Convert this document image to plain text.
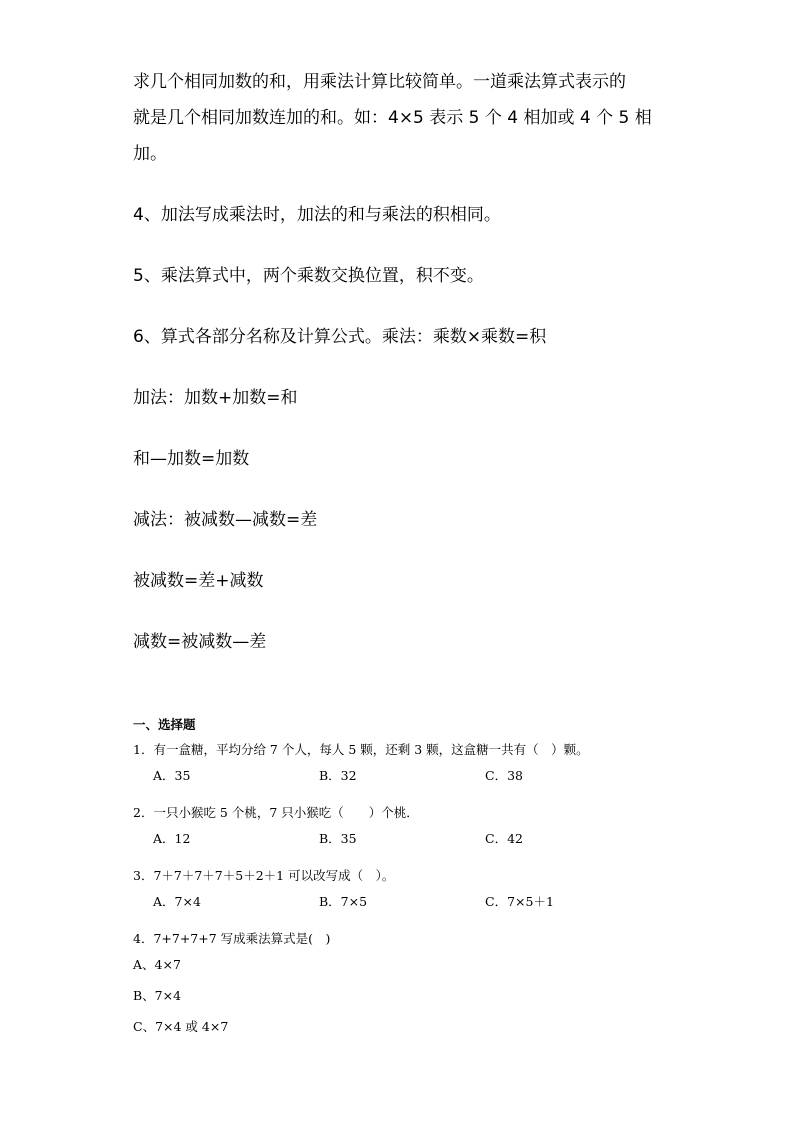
求几个相同加数的和，用乘法计算比较简单。一道乘法算式表示的

就是几个相同加数连加的和。如：4×5 表示 5 个 4 相加或 4 个 5 相

加。

4、加法写成乘法时，加法的和与乘法的积相同。

5、乘法算式中，两个乘数交换位置，积不变。

6、算式各部分名称及计算公式。乘法：乘数×乘数=积

加法：加数+加数=和

和—加数=加数

减法：被减数—减数=差

被减数=差+减数

减数=被减数—差

一、选择题
1．有一盒糖，平均分给 7 个人，每人 5 颗，还剩 3 颗，这盒糖一共有（　）颗。
A．35	B．32	C．38
2．一只小猴吃 5 个桃，7 只小猴吃（　　）个桃．
A．12	B．35	C．42
3．7＋7＋7＋7＋5＋2＋1 可以改写成（　）。
A．7×4	B．7×5	C．7×5＋1
4．7+7+7+7 写成乘法算式是(　)
A、4×7
B、7×4
C、7×4 或 4×7
